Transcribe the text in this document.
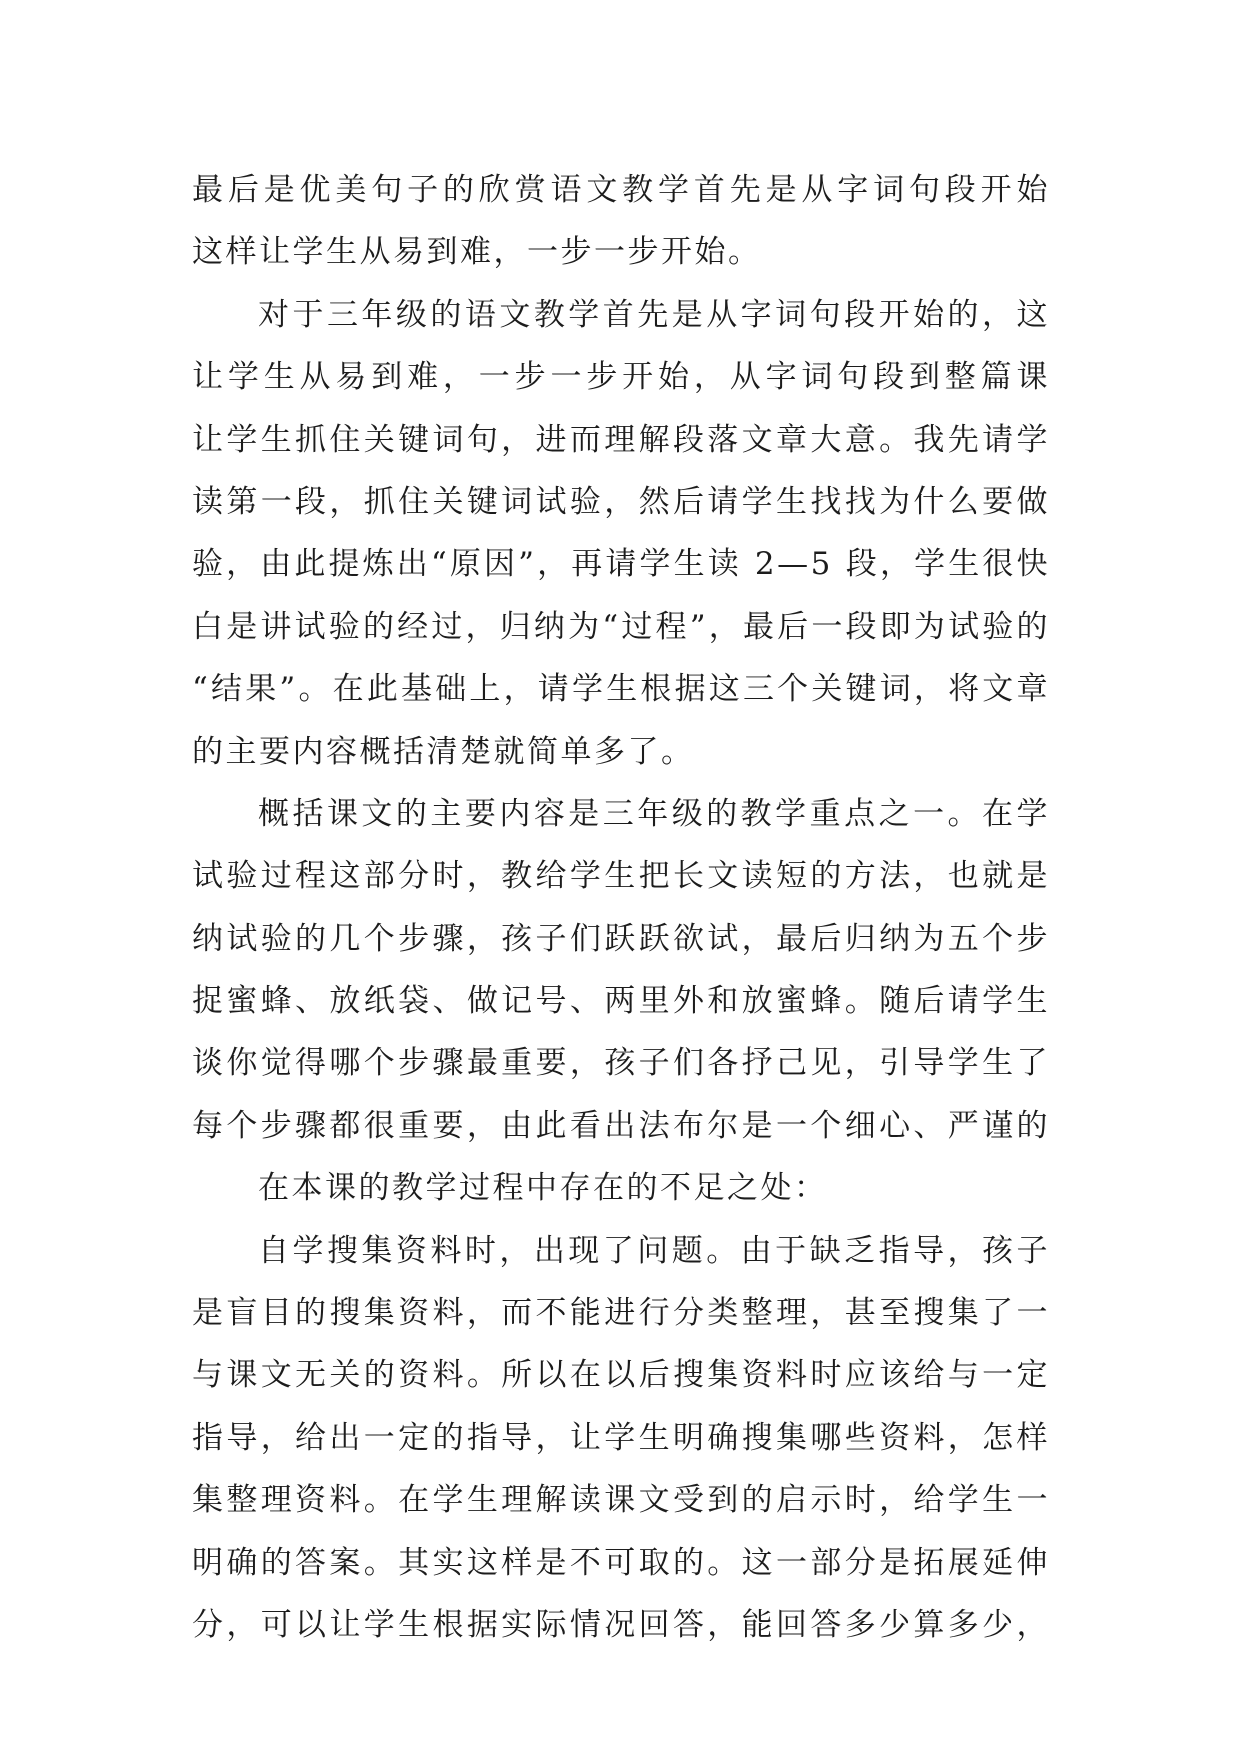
最后是优美句子的欣赏语文教学首先是从字词句段开始
这样让学生从易到难，一步一步开始。
对于三年级的语文教学首先是从字词句段开始的，这
让学生从易到难，一步一步开始，从字词句段到整篇课
让学生抓住关键词句，进而理解段落文章大意。我先请学
读第一段，抓住关键词试验，然后请学生找找为什么要做
验，由此提炼出“原因”，再请学生读 2—5 段，学生很快
白是讲试验的经过，归纳为“过程”，最后一段即为试验的
“结果”。在此基础上，请学生根据这三个关键词，将文章
的主要内容概括清楚就简单多了。
概括课文的主要内容是三年级的教学重点之一。在学
试验过程这部分时，教给学生把长文读短的方法，也就是
纳试验的几个步骤，孩子们跃跃欲试，最后归纳为五个步
捉蜜蜂、放纸袋、做记号、两里外和放蜜蜂。随后请学生
谈你觉得哪个步骤最重要，孩子们各抒己见，引导学生了
每个步骤都很重要，由此看出法布尔是一个细心、严谨的
在本课的教学过程中存在的不足之处：
自学搜集资料时，出现了问题。由于缺乏指导，孩子
是盲目的搜集资料，而不能进行分类整理，甚至搜集了一
与课文无关的资料。所以在以后搜集资料时应该给与一定
指导，给出一定的指导，让学生明确搜集哪些资料，怎样
集整理资料。在学生理解读课文受到的启示时，给学生一
明确的答案。其实这样是不可取的。这一部分是拓展延伸
分，可以让学生根据实际情况回答，能回答多少算多少，
